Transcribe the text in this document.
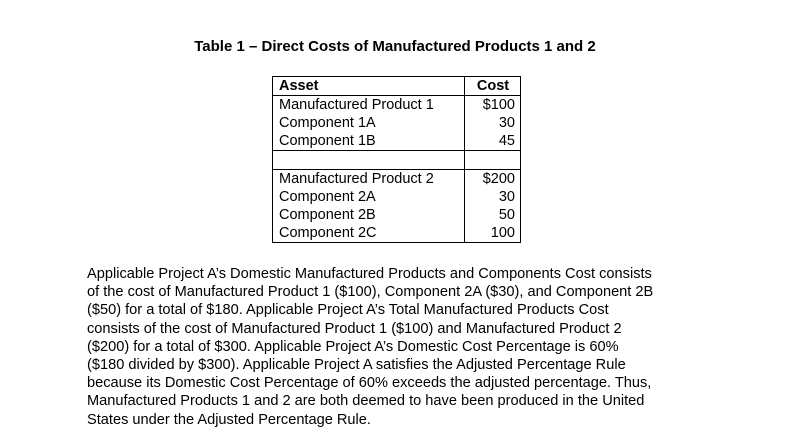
Table 1 – Direct Costs of Manufactured Products 1 and 2
Asset	Cost
Manufactured Product 1	$100
Component 1A	30
Component 1B	45

Manufactured Product 2	$200
Component 2A	30
Component 2B	50
Component 2C	100
Applicable Project A’s Domestic Manufactured Products and Components Cost consists
of the cost of Manufactured Product 1 ($100), Component 2A ($30), and Component 2B
($50) for a total of $180. Applicable Project A’s Total Manufactured Products Cost
consists of the cost of Manufactured Product 1 ($100) and Manufactured Product 2
($200) for a total of $300. Applicable Project A’s Domestic Cost Percentage is 60%
($180 divided by $300). Applicable Project A satisfies the Adjusted Percentage Rule
because its Domestic Cost Percentage of 60% exceeds the adjusted percentage. Thus,
Manufactured Products 1 and 2 are both deemed to have been produced in the United
States under the Adjusted Percentage Rule.
